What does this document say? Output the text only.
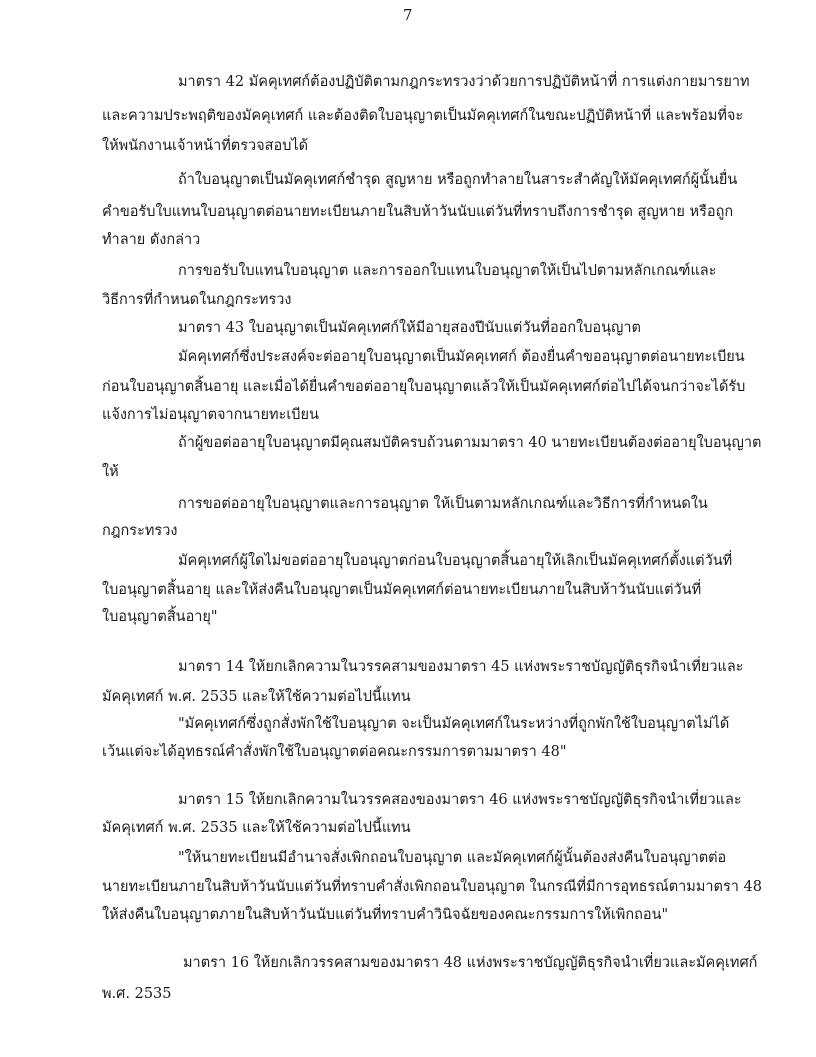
7
มาตรา 42 มัคคุเทศก์ต้องปฏิบัติตามกฎกระทรวงว่าด้วยการปฏิบัติหน้าที่ การแต่งกายมารยาท
และความประพฤติของมัคคุเทศก์ และต้องติดใบอนุญาตเป็นมัคคุเทศก์ในขณะปฏิบัติหน้าที่ และพร้อมที่จะ
ให้พนักงานเจ้าหน้าที่ตรวจสอบได้
ถ้าใบอนุญาตเป็นมัคคุเทศก์ชำรุด สูญหาย หรือถูกทำลายในสาระสำคัญให้มัคคุเทศก์ผู้นั้นยื่น
คำขอรับใบแทนใบอนุญาตต่อนายทะเบียนภายในสิบห้าวันนับแต่วันที่ทราบถึงการชำรุด สูญหาย หรือถูก
ทำลาย ดังกล่าว
การขอรับใบแทนใบอนุญาต และการออกใบแทนใบอนุญาตให้เป็นไปตามหลักเกณฑ์และ
วิธีการที่กำหนดในกฎกระทรวง
มาตรา 43 ใบอนุญาตเป็นมัคคุเทศก์ให้มีอายุสองปีนับแต่วันที่ออกใบอนุญาต
มัคคุเทศก์ซึ่งประสงค์จะต่ออายุใบอนุญาตเป็นมัคคุเทศก์ ต้องยื่นคำขออนุญาตต่อนายทะเบียน
ก่อนใบอนุญาตสิ้นอายุ และเมื่อได้ยื่นคำขอต่ออายุใบอนุญาตแล้วให้เป็นมัคคุเทศก์ต่อไปได้จนกว่าจะได้รับ
แจ้งการไม่อนุญาตจากนายทะเบียน
ถ้าผู้ขอต่ออายุใบอนุญาตมีคุณสมบัติครบถ้วนตามมาตรา 40 นายทะเบียนต้องต่ออายุใบอนุญาต
ให้
การขอต่ออายุใบอนุญาตและการอนุญาต ให้เป็นตามหลักเกณฑ์และวิธีการที่กำหนดใน
กฎกระทรวง
มัคคุเทศก์ผู้ใดไม่ขอต่ออายุใบอนุญาตก่อนใบอนุญาตสิ้นอายุให้เลิกเป็นมัคคุเทศก์ตั้งแต่วันที่
ใบอนุญาตสิ้นอายุ และให้ส่งคืนใบอนุญาตเป็นมัคคุเทศก์ต่อนายทะเบียนภายในสิบห้าวันนับแต่วันที่
ใบอนุญาตสิ้นอายุ"
มาตรา 14 ให้ยกเลิกความในวรรคสามของมาตรา 45 แห่งพระราชบัญญัติธุรกิจนำเที่ยวและ
มัคคุเทศก์ พ.ศ. 2535 และให้ใช้ความต่อไปนี้แทน
"มัคคุเทศก์ซึ่งถูกสั่งพักใช้ใบอนุญาต จะเป็นมัคคุเทศก์ในระหว่างที่ถูกพักใช้ใบอนุญาตไม่ได้
เว้นแต่จะได้อุทธรณ์คำสั่งพักใช้ใบอนุญาตต่อคณะกรรมการตามมาตรา 48"
มาตรา 15 ให้ยกเลิกความในวรรคสองของมาตรา 46 แห่งพระราชบัญญัติธุรกิจนำเที่ยวและ
มัคคุเทศก์ พ.ศ. 2535 และให้ใช้ความต่อไปนี้แทน
"ให้นายทะเบียนมีอำนาจสั่งเพิกถอนใบอนุญาต และมัคคุเทศก์ผู้นั้นต้องส่งคืนใบอนุญาตต่อ
นายทะเบียนภายในสิบห้าวันนับแต่วันที่ทราบคำสั่งเพิกถอนใบอนุญาต ในกรณีที่มีการอุทธรณ์ตามมาตรา 48
ให้ส่งคืนใบอนุญาตภายในสิบห้าวันนับแต่วันที่ทราบคำวินิจฉัยของคณะกรรมการให้เพิกถอน"
มาตรา 16 ให้ยกเลิกวรรคสามของมาตรา 48 แห่งพระราชบัญญัติธุรกิจนำเที่ยวและมัคคุเทศก์
พ.ศ. 2535
